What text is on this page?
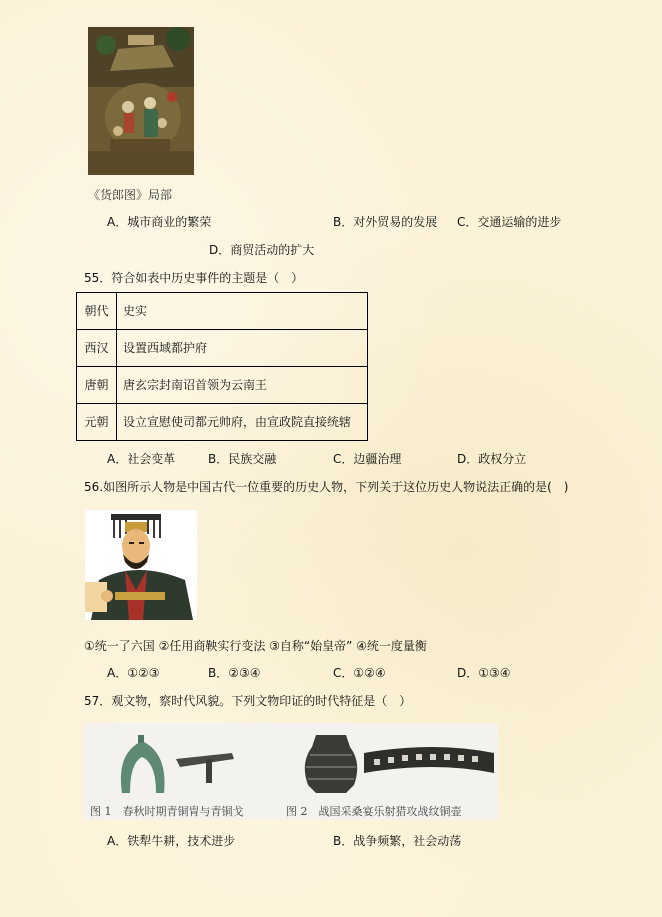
《货郎图》局部
A．城市商业的繁荣	B．对外贸易的发展 C．交通运输的进步
D．商贸活动的扩大
55．符合如表中历史事件的主题是（　）
朝代	史实
西汉	设置西域都护府
唐朝	唐玄宗封南诏首领为云南王
元朝	设立宣慰使司都元帅府，由宣政院直接统辖
A．社会变革	B．民族交融	C．边疆治理	D．政权分立
56.如图所示人物是中国古代一位重要的历史人物，下列关于这位历史人物说法正确的是(　)
①统一了六国 ②任用商鞅实行变法 ③自称“始皇帝” ④统一度量衡
A．①②③	B．②③④	C．①②④	D．①③④
57．观文物，察时代风貌。下列文物印证的时代特征是（　）
图 1　春秋时期青铜胄与青铜戈	图 2　战国采桑宴乐射猎攻战纹铜壶
A．铁犁牛耕，技术进步	B．战争频繁，社会动荡
